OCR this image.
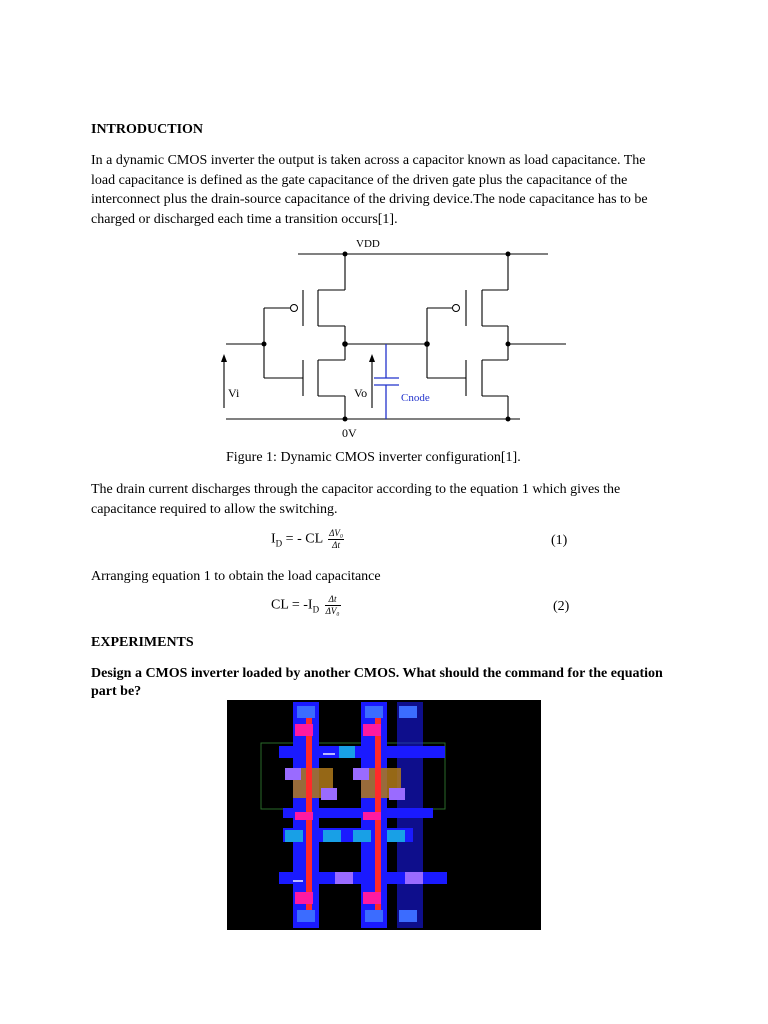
INTRODUCTION
In a dynamic CMOS inverter the output is taken across a capacitor known as load capacitance. The load capacitance is defined as the gate capacitance of the driven gate plus the capacitance of the interconnect plus the drain-source capacitance of the driving device.The node capacitance has to be charged or discharged each time a transition occurs[1].
VDD
0V
Vi	Vo	Cnode
Figure 1: Dynamic CMOS inverter configuration[1].
The drain current discharges through the capacitor according to the equation 1 which gives the capacitance required to allow the switching.
$I_D$ = - CL $\frac{\text{ΔV₀}}{\Delta t}$	(1)
Arranging equation 1 to obtain the load capacitance
CL = $-I_D \frac{\Delta t}{\text{ΔV₀}}$	(2)
EXPERIMENTS
Design a CMOS inverter loaded by another CMOS. What should the command for the equation part be?
